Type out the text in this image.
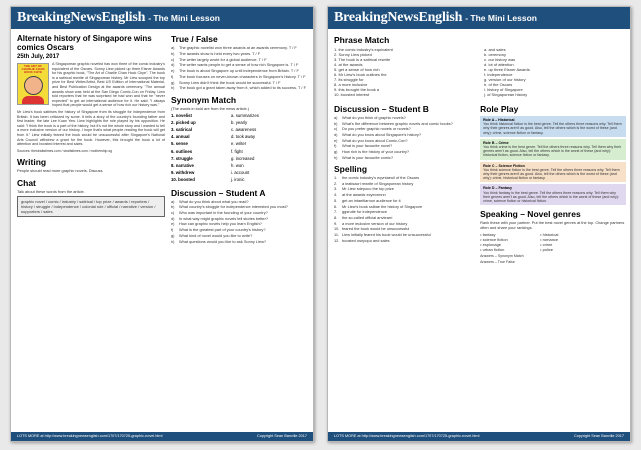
BreakingNewsEnglish - The Mini Lesson
Alternate history of Singapore wins comics Oscars
25th July, 2017
THE ART OF CHARLIE CHAN HOCK CHYE

A Singaporean graphic novelist has won three of the comic industry's equivalent of the Oscars. Sonny Liew picked up three Eisner Awards for his graphic book, "The Art of Charlie Chan Hock Chye". The book is a satirical rewrite of Singaporean history. Mr Liew scooped the top prize for Best Writer/Artist, Best US Edition of International Material, and Best Publication Design at the awards ceremony. "The annual awards show was held at the San Diego Comic-Con on Friday. Liew told reporters that he was surprised he had won and that he "never expected" to get an international audience for it. He said: "I always hoped that people would get a sense of how rich our history was."

Mr Liew's book satirises the history of Singapore from its struggle for independence from Britain. It has been criticized by some. It tells a story of the country's founding father and first leader, the late Lee Kuan Yew. Liew highlights the role played by his opposition. He said: "I think the book is a part of the history, but it's not the whole story and I wanted to tell a more inclusive version of our history. I hope that's what people reading the book will get from it." Liew initially feared the book would be unsuccessful after Singapore's National Arts Council withdrew a grant for the book. However, this brought the book a lot of attention and boosted interest and sales.

Sources: thestraitstimes.com / straitstimes.com / mothership.sg

Writing
People should read more graphic novels. Discuss.
Chat
Talk about these words from the article.
graphic novel / comic / industry / satirical / top prize / awards / reporters / history / struggle / independence / colonial rule / official / narrative / version / supporters / sales
True / False
a)	The graphic novelist won three awards at an awards ceremony. T / F
b)	The awards show is held every two years. T / F
c)	The writer largely wrote for a global audience. T / F
d)	The writer wants people to get a sense of how rich Singapore is. T / F
e)	The book is about Singapore up until independence from Britain. T / F
f)	The book focuses on never-known characters in Singapore's history. T / F
g)	Sonny Liew didn't think the book would be successful. T / F
h)	The book got a grant taken away from it, which added to its success. T / F
Synonym Match
(The words in bold are from the news article.)
1. novelist
2. picked up
3. satirical
4. annual
5. sense
6. outlines
7. struggle
8. narrative
9. withdrew
10. boosted
a. summarizes
b. yearly
c. awareness
d. took away
e. writer
f. fight
g. increased
h. won
i. account
j. ironic
Discussion – Student A
a)	What do you think about what you read?
b)	What country's struggle for independence interested you most?
c)	Who was important in the founding of your country?
d)	In what way might graphic novels tell stories better?
e)	How can graphic novels help you learn English?
f)	What is the greatest part of your country's history?
g)	What kind of novel would you like to write?
h)	What questions would you like to ask Sonny Liew?
LOTS MORE at http://www.breakingnewsenglish.com/1707/170725-graphic-novel.html	Copyright Sean Banville 2017
BreakingNewsEnglish - The Mini Lesson
Phrase Match
1. the comic industry's equivalent
2. Sonny Liew picked
3. The book is a satirical rewrite
4. at the awards
5. get a sense of how rich
6. Mr Liew's book outlines the
7. its struggle for
8. a more inclusive
9. this brought the book a
10. boosted interest
a. and sales
b. ceremony
c. our history was
d. lot of attention
e. up three Eisner Awards
f. independence
g. version of our history
h. of the Oscars
i. history of Singapore
j. of Singaporean history
Discussion – Student B
a)	What do you think of graphic novels?
b)	What's the difference between graphic novels and comic books?
c)	Do you prefer graphic novels or novels?
d)	What do you know about Singapore's history?
e)	What do you know about Comic-Con?
f)	What is your favourite novel?
g)	How rich is the history of your country?
h)	What is your favourite comic?
Spelling
1.	the comic industry's eqvntaeuil of the Oscars
2.	a ieatisacrl rewrite of Singaporean history
3.	Mr Liew sdepoco the top prize
4.	at the awards ecyeormnn
5.	get an intaeitlarnon audience for it
6.	Mr Liew's book sslitae the history of Singapore
7.	ggsrutle for independence
8.	the so-called official anvtearri
9.	a more ieulcsivn version of our history
10. feared the book would be unsuccessful
11. Liew initially feared his book would be unsuccessful
12. boosted osnpopu and sales
Role Play
Role A – Historical
You think historical fiction is the best genre. Tell the others three reasons why. Tell them why their genres aren't as good. Also, tell the others which is the worst of these (and why): crime, science fiction or fantasy.
Role B – Crime
You think crime is the best genre. Tell the others three reasons why. Tell them why their genres aren't as good. Also, tell the others which is the worst of these (and why): historical fiction, science fiction or fantasy.
Role C – Science Fiction
You think science fiction is the best genre. Tell the others three reasons why. Tell them why their genres aren't as good. Also, tell the others which is the worst of these (and why): crime, historical fiction or fantasy.
Role D – Fantasy
You think fantasy is the best genre. Tell the others three reasons why. Tell them why their genres aren't as good. Also, tell the others which is the worst of these (and why): crime, science fiction or historical fiction.
Speaking – Novel genres
Rank these with your partner. Put the best novel genres at the top. Change partners often and share your rankings.
• fantasy
• science fiction
• espionage
• urban fiction
• historical
• romance
• crime
• police
Answers – Synonym Match
Answers – True False
LOTS MORE at http://www.breakingnewsenglish.com/1707/170725-graphic-novel.html	Copyright Sean Banville 2017
